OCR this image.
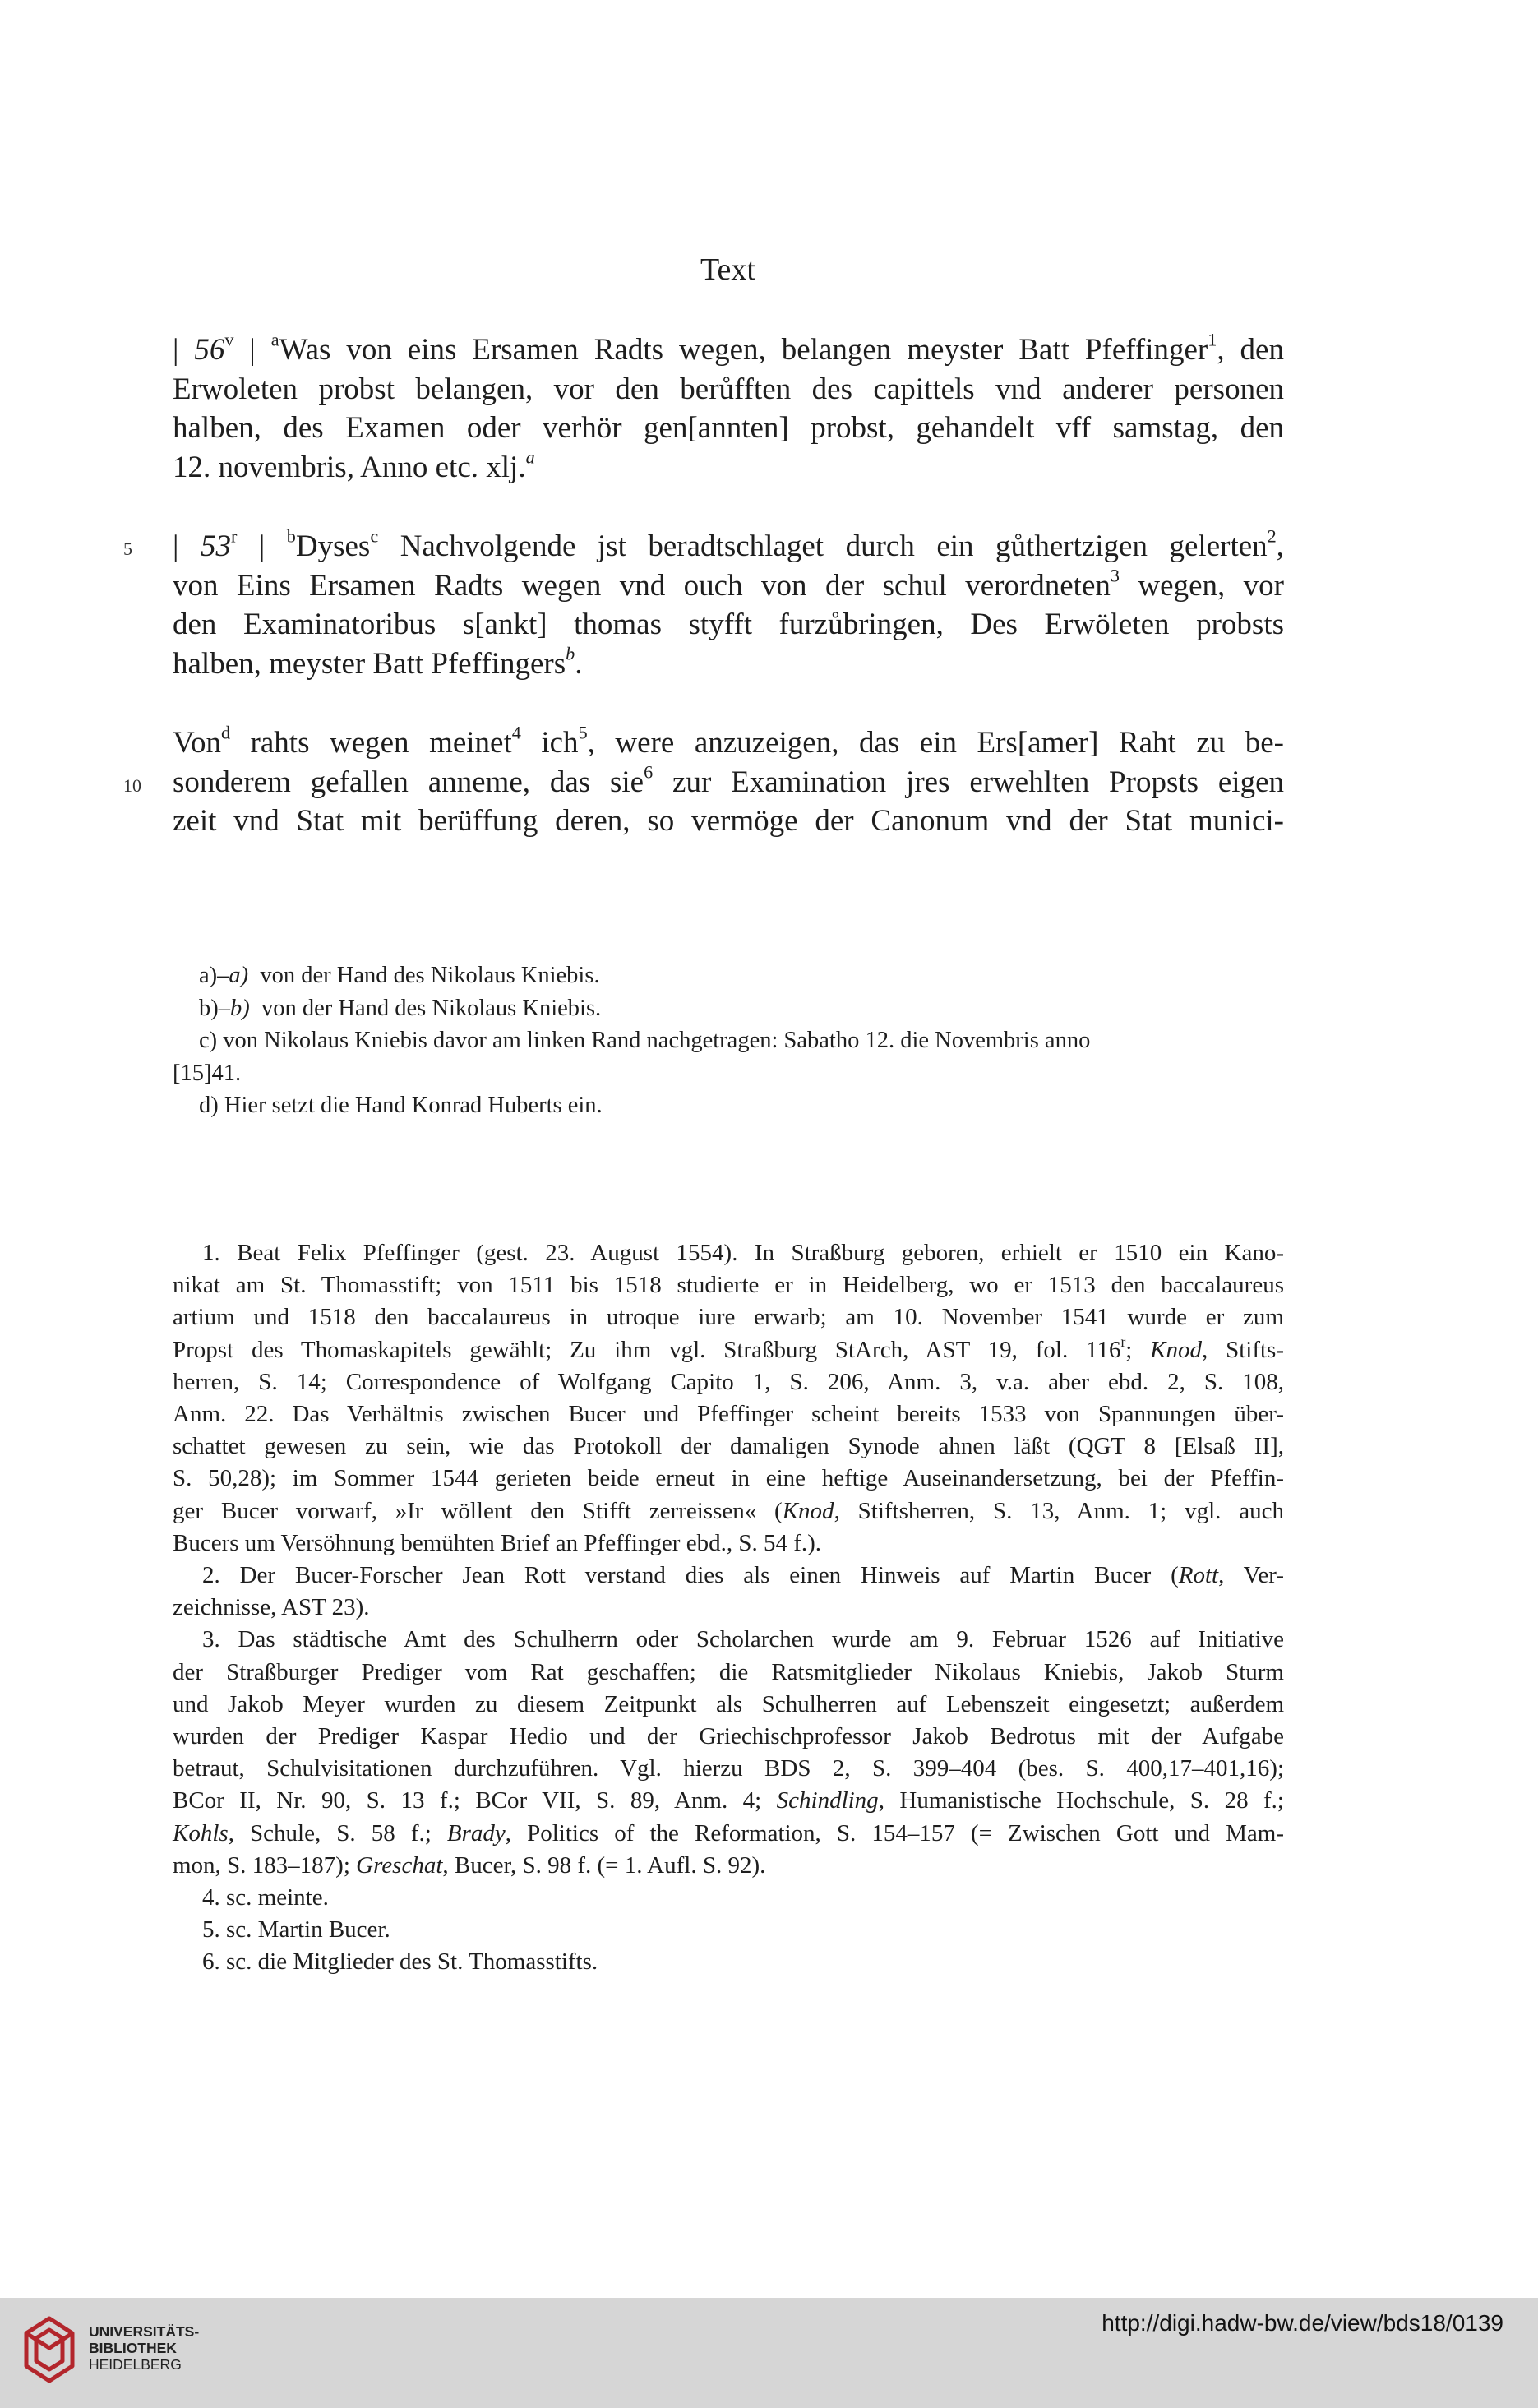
Text
| 56$^v$ | $^a$Was von eins Ersamen Radts wegen, belangen meyster Batt Pfeffinger$^1$, den
Erwoleten probst belangen, vor den berůfften des capittels vnd anderer personen
halben, des Examen oder verhör gen[annten] probst, gehandelt vff samstag, den
12. novembris, Anno etc. xlj.$^a$
5 | 53$^r$ | $^b$Dyses$^c$ Nachvolgende jst beradtschlaget durch ein gůthertzigen gelerten$^2$,
von Eins Ersamen Radts wegen vnd ouch von der schul verordneten$^3$ wegen, vor
den Examinatoribus s[ankt] thomas styfft furzůbringen, Des Erwöleten probsts
halben, meyster Batt Pfeffingers$^b$.
10
Von$^d$ rahts wegen meinet$^4$ ich$^5$, were anzuzeigen, das ein Ers[amer] Raht zu be-
sonderem gefallen anneme, das sie$^6$ zur Examination jres erwehlten Propsts eigen
zeit vnd Stat mit berüffung deren, so vermöge der Canonum vnd der Stat munici-
a)–a)  von der Hand des Nikolaus Kniebis.
b)–b)  von der Hand des Nikolaus Kniebis.
c) von Nikolaus Kniebis davor am linken Rand nachgetragen: Sabatho 12. die Novembris anno
[15]41.
d) Hier setzt die Hand Konrad Huberts ein.
1. Beat Felix Pfeffinger (gest. 23. August 1554). In Straßburg geboren, erhielt er 1510 ein Kano-
nikat am St. Thomasstift; von 1511 bis 1518 studierte er in Heidelberg, wo er 1513 den baccalaureus
artium und 1518 den baccalaureus in utroque iure erwarb; am 10. November 1541 wurde er zum
Propst des Thomaskapitels gewählt; Zu ihm vgl. Straßburg StArch, AST 19, fol. 116$^r$; Knod, Stifts-
herren, S. 14; Correspondence of Wolfgang Capito 1, S. 206, Anm. 3, v.a. aber ebd. 2, S. 108,
Anm. 22. Das Verhältnis zwischen Bucer und Pfeffinger scheint bereits 1533 von Spannungen über-
schattet gewesen zu sein, wie das Protokoll der damaligen Synode ahnen läßt (QGT 8 [Elsaß II],
S. 50,28); im Sommer 1544 gerieten beide erneut in eine heftige Auseinandersetzung, bei der Pfeffin-
ger Bucer vorwarf, »Ir wöllent den Stifft zerreissen« (Knod, Stiftsherren, S. 13, Anm. 1; vgl. auch
Bucers um Versöhnung bemühten Brief an Pfeffinger ebd., S. 54 f.).
2. Der Bucer-Forscher Jean Rott verstand dies als einen Hinweis auf Martin Bucer (Rott, Ver-
zeichnisse, AST 23).
3. Das städtische Amt des Schulherrn oder Scholarchen wurde am 9. Februar 1526 auf Initiative
der Straßburger Prediger vom Rat geschaffen; die Ratsmitglieder Nikolaus Kniebis, Jakob Sturm
und Jakob Meyer wurden zu diesem Zeitpunkt als Schulherren auf Lebenszeit eingesetzt; außerdem
wurden der Prediger Kaspar Hedio und der Griechischprofessor Jakob Bedrotus mit der Aufgabe
betraut, Schulvisitationen durchzuführen. Vgl. hierzu BDS 2, S. 399–404 (bes. S. 400,17–401,16);
BCor II, Nr. 90, S. 13 f.; BCor VII, S. 89, Anm. 4; Schindling, Humanistische Hochschule, S. 28 f.;
Kohls, Schule, S. 58 f.; Brady, Politics of the Reformation, S. 154–157 (= Zwischen Gott und Mam-
mon, S. 183–187); Greschat, Bucer, S. 98 f. (= 1. Aufl. S. 92).
4. sc. meinte.
5. sc. Martin Bucer.
6. sc. die Mitglieder des St. Thomasstifts.
UNIVERSITÄTS-
BIBLIOTHEK
HEIDELBERG
http://digi.hadw-bw.de/view/bds18/0139
